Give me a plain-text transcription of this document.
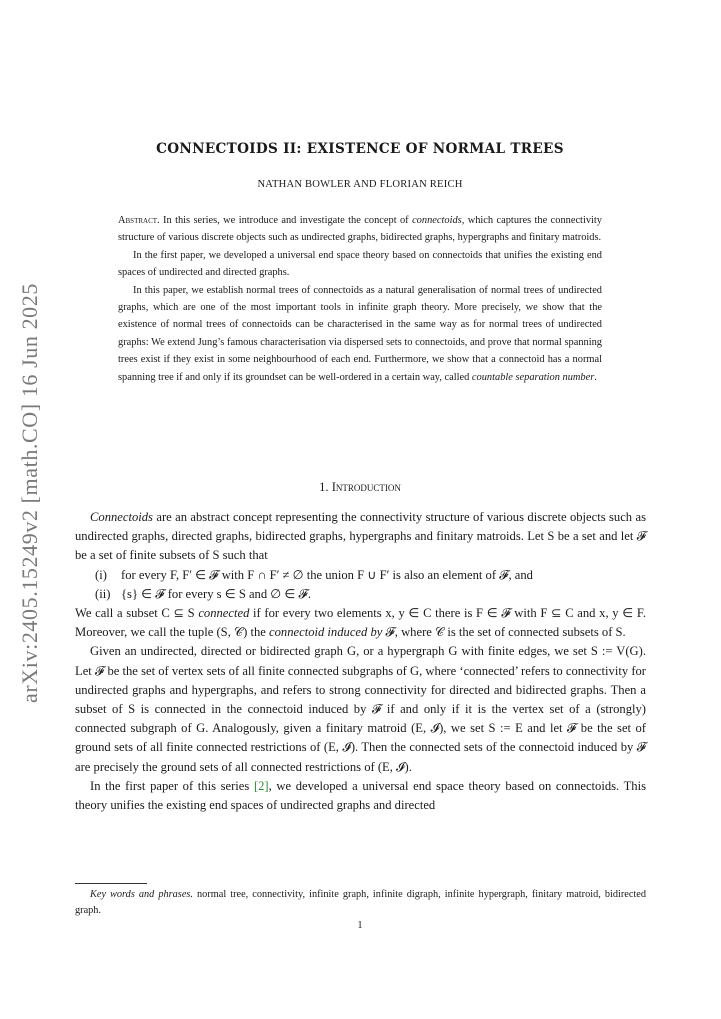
arXiv:2405.15249v2 [math.CO] 16 Jun 2025
CONNECTOIDS II: EXISTENCE OF NORMAL TREES
NATHAN BOWLER AND FLORIAN REICH

Abstract. In this series, we introduce and investigate the concept of connectoids, which captures the connectivity structure of various discrete objects such as undirected graphs, bidirected graphs, hypergraphs and finitary matroids.

In the first paper, we developed a universal end space theory based on connectoids that unifies the existing end spaces of undirected and directed graphs.

In this paper, we establish normal trees of connectoids as a natural generalisation of normal trees of undirected graphs, which are one of the most important tools in infinite graph theory. More precisely, we show that the existence of normal trees of connectoids can be characterised in the same way as for normal trees of undirected graphs: We extend Jung’s famous characterisation via dispersed sets to connectoids, and prove that normal spanning trees exist if they exist in some neighbourhood of each end. Furthermore, we show that a connectoid has a normal spanning tree if and only if its groundset can be well-ordered in a certain way, called countable separation number.

1. Introduction

Connectoids are an abstract concept representing the connectivity structure of various discrete objects such as undirected graphs, directed graphs, bidirected graphs, hypergraphs and finitary matroids. Let S be a set and let 𝓕 be a set of finite subsets of S such that

(i)	for every F, F′ ∈ 𝓕 with F ∩ F′ ≠ ∅ the union F ∪ F′ is also an element of 𝓕, and
(ii) {s} ∈ 𝓕 for every s ∈ S and ∅ ∈ 𝓕.

We call a subset C ⊆ S connected if for every two elements x, y ∈ C there is F ∈ 𝓕 with F ⊆ C and x, y ∈ F. Moreover, we call the tuple (S, 𝒞) the connectoid induced by 𝓕, where 𝒞 is the set of connected subsets of S.

Given an undirected, directed or bidirected graph G, or a hypergraph G with finite edges, we set S := V(G). Let 𝓕 be the set of vertex sets of all finite connected subgraphs of G, where ‘connected’ refers to connectivity for undirected graphs and hypergraphs, and refers to strong connectivity for directed and bidirected graphs. Then a subset of S is connected in the connectoid induced by 𝓕 if and only if it is the vertex set of a (strongly) connected subgraph of G. Analogously, given a finitary matroid (E, 𝓘), we set S := E and let 𝓕 be the set of ground sets of all finite connected restrictions of (E, 𝓘). Then the connected sets of the connectoid induced by 𝓕 are precisely the ground sets of all connected restrictions of (E, 𝓘).

In the first paper of this series [2], we developed a universal end space theory based on connectoids. This theory unifies the existing end spaces of undirected graphs and directed

Key words and phrases. normal tree, connectivity, infinite graph, infinite digraph, infinite hypergraph, finitary matroid, bidirected graph.

1
